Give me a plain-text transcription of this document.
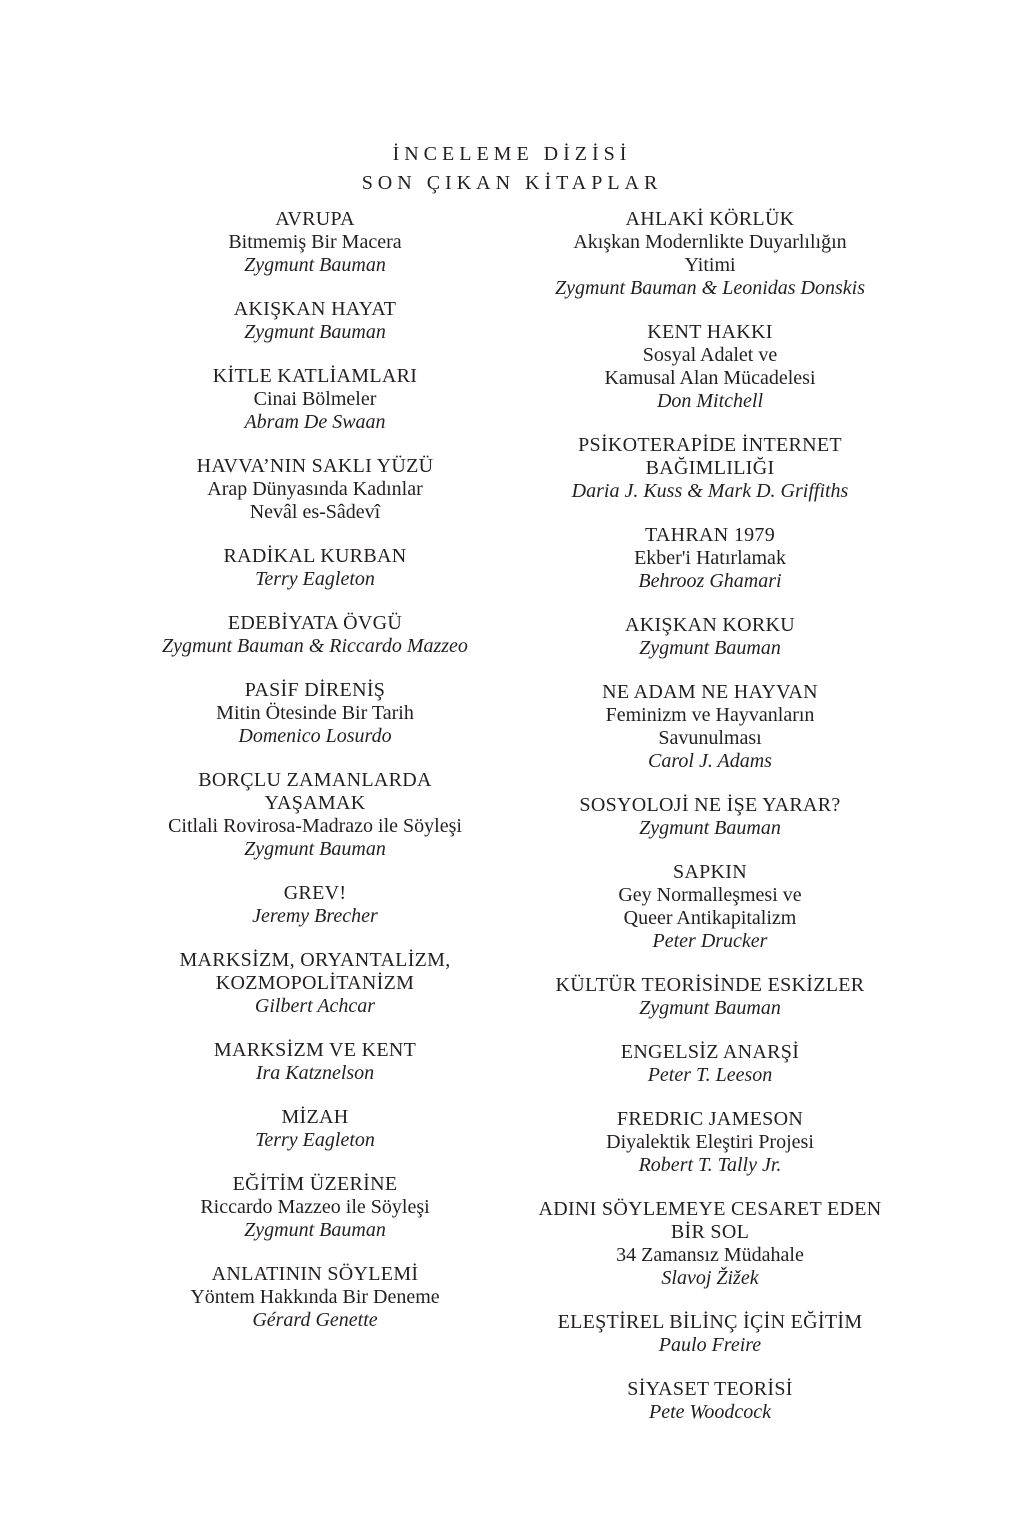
İNCELEME DİZİSİ
SON ÇIKAN KİTAPLAR
AVRUPA
Bitmemiş Bir Macera
Zygmunt Bauman
AKIŞKAN HAYAT
Zygmunt Bauman
KİTLE KATLİAMLARI
Cinai Bölmeler
Abram De Swaan
HAVVA’NIN SAKLI YÜZÜ
Arap Dünyasında Kadınlar
Nevâl es-Sâdevî
RADİKAL KURBAN
Terry Eagleton
EDEBİYATA ÖVGÜ
Zygmunt Bauman & Riccardo Mazzeo
PASİF DİRENİŞ
Mitin Ötesinde Bir Tarih
Domenico Losurdo
BORÇLU ZAMANLARDA
YAŞAMAK
Citlali Rovirosa-Madrazo ile Söyleşi
Zygmunt Bauman
GREV!
Jeremy Brecher
MARKSİZM, ORYANTALİZM,
KOZMOPOLİTANİZM
Gilbert Achcar
MARKSİZM VE KENT
Ira Katznelson
MİZAH
Terry Eagleton
EĞİTİM ÜZERİNE
Riccardo Mazzeo ile Söyleşi
Zygmunt Bauman
ANLATININ SÖYLEMİ
Yöntem Hakkında Bir Deneme
Gérard Genette
AHLAKİ KÖRLÜK
Akışkan Modernlikte Duyarlılığın
Yitimi
Zygmunt Bauman & Leonidas Donskis
KENT HAKKI
Sosyal Adalet ve
Kamusal Alan Mücadelesi
Don Mitchell
PSİKOTERAPİDE İNTERNET
BAĞIMLILIĞI
Daria J. Kuss & Mark D. Griffiths
TAHRAN 1979
Ekber'i Hatırlamak
Behrooz Ghamari
AKIŞKAN KORKU
Zygmunt Bauman
NE ADAM NE HAYVAN
Feminizm ve Hayvanların
Savunulması
Carol J. Adams
SOSYOLOJİ NE İŞE YARAR?
Zygmunt Bauman
SAPKIN
Gey Normalleşmesi ve
Queer Antikapitalizm
Peter Drucker
KÜLTÜR TEORİSİNDE ESKİZLER
Zygmunt Bauman
ENGELSİZ ANARŞİ
Peter T. Leeson
FREDRIC JAMESON
Diyalektik Eleştiri Projesi
Robert T. Tally Jr.
ADINI SÖYLEMEYE CESARET EDEN
BİR SOL
34 Zamansız Müdahale
Slavoj Žižek
ELEŞTİREL BİLİNÇ İÇİN EĞİTİM
Paulo Freire
SİYASET TEORİSİ
Pete Woodcock
